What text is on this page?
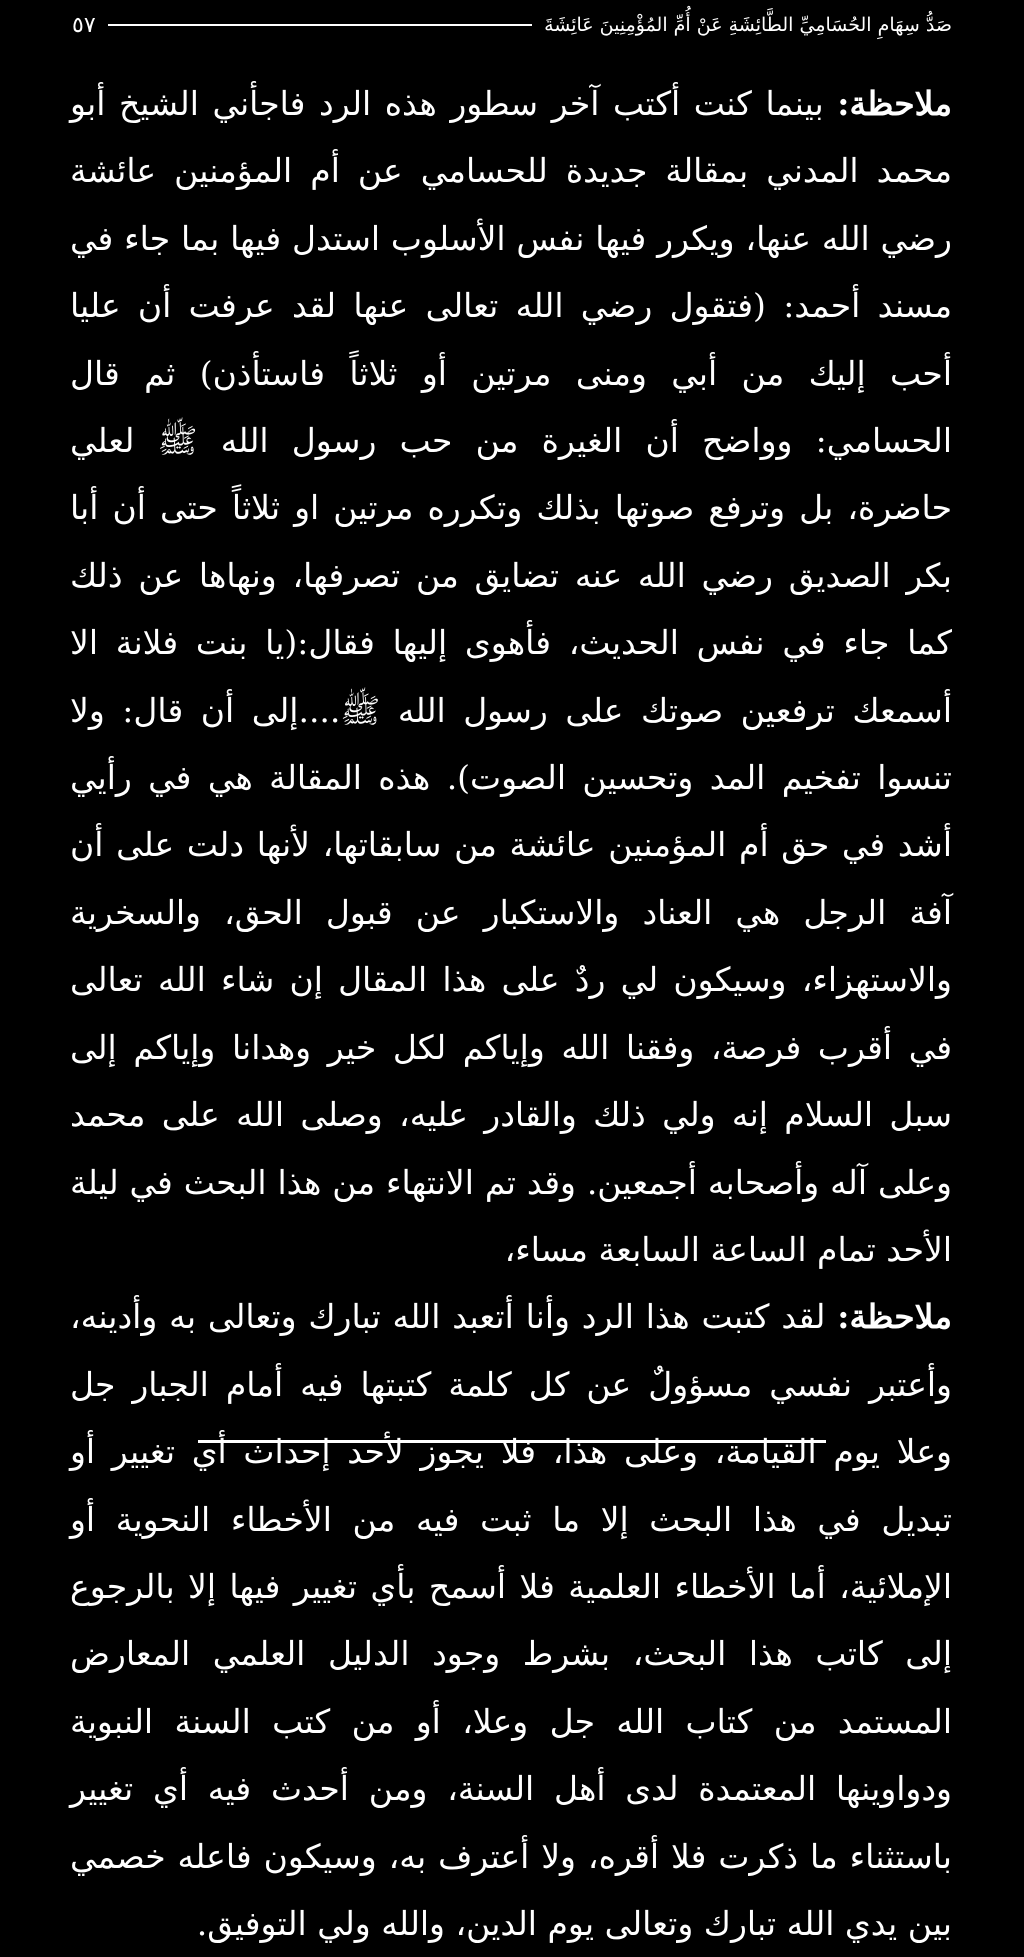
صَدُّ سِهَامِ الحُسَامِيِّ الطَّائِشَةِ عَنْ أُمِّ المُؤْمِنِينَ عَائِشَةَ
٥٧

ملاحظة: بينما كنت أكتب آخر سطور هذه الرد فاجأني الشيخ أبو محمد المدني بمقالة جديدة للحسامي عن أم المؤمنين عائشة رضي الله عنها، ويكرر فيها نفس الأسلوب استدل فيها بما جاء في مسند أحمد: (فتقول رضي الله تعالى عنها لقد عرفت أن عليا أحب إليك من أبي ومنى مرتين أو ثلاثاً فاستأذن) ثم قال الحسامي: وواضح أن الغيرة من حب رسول الله ﷺ لعلي حاضرة، بل وترفع صوتها بذلك وتكرره مرتين او ثلاثاً حتى أن أبا بكر الصديق رضي الله عنه تضايق من تصرفها، ونهاها عن ذلك كما جاء في نفس الحديث، فأهوى إليها فقال:(يا بنت فلانة الا أسمعك ترفعين صوتك على رسول الله ﷺ....إلى أن قال: ولا تنسوا تفخيم المد وتحسين الصوت). هذه المقالة هي في رأيي أشد في حق أم المؤمنين عائشة من سابقاتها، لأنها دلت على أن آفة الرجل هي العناد والاستكبار عن قبول الحق، والسخرية والاستهزاء، وسيكون لي ردٌ على هذا المقال إن شاء الله تعالى في أقرب فرصة، وفقنا الله وإياكم لكل خير وهدانا وإياكم إلى سبل السلام إنه ولي ذلك والقادر عليه، وصلى الله على محمد وعلى آله وأصحابه أجمعين. وقد تم الانتهاء من هذا البحث في ليلة الأحد تمام الساعة السابعة مساء،

ملاحظة: لقد كتبت هذا الرد وأنا أتعبد الله تبارك وتعالى به وأدينه، وأعتبر نفسي مسؤولٌ عن كل كلمة كتبتها فيه أمام الجبار جل وعلا يوم القيامة، وعلى هذا، فلا يجوز لأحد إحداث أي تغيير أو تبديل في هذا البحث إلا ما ثبت فيه من الأخطاء النحوية أو الإملائية، أما الأخطاء العلمية فلا أسمح بأي تغيير فيها إلا بالرجوع إلى كاتب هذا البحث، بشرط وجود الدليل العلمي المعارض المستمد من كتاب الله جل وعلا، أو من كتب السنة النبوية ودواوينها المعتمدة لدى أهل السنة، ومن أحدث فيه أي تغيير باستثناء ما ذكرت فلا أقره، ولا أعترف به، وسيكون فاعله خصمي بين يدي الله تبارك وتعالى يوم الدين، والله ولي التوفيق.
